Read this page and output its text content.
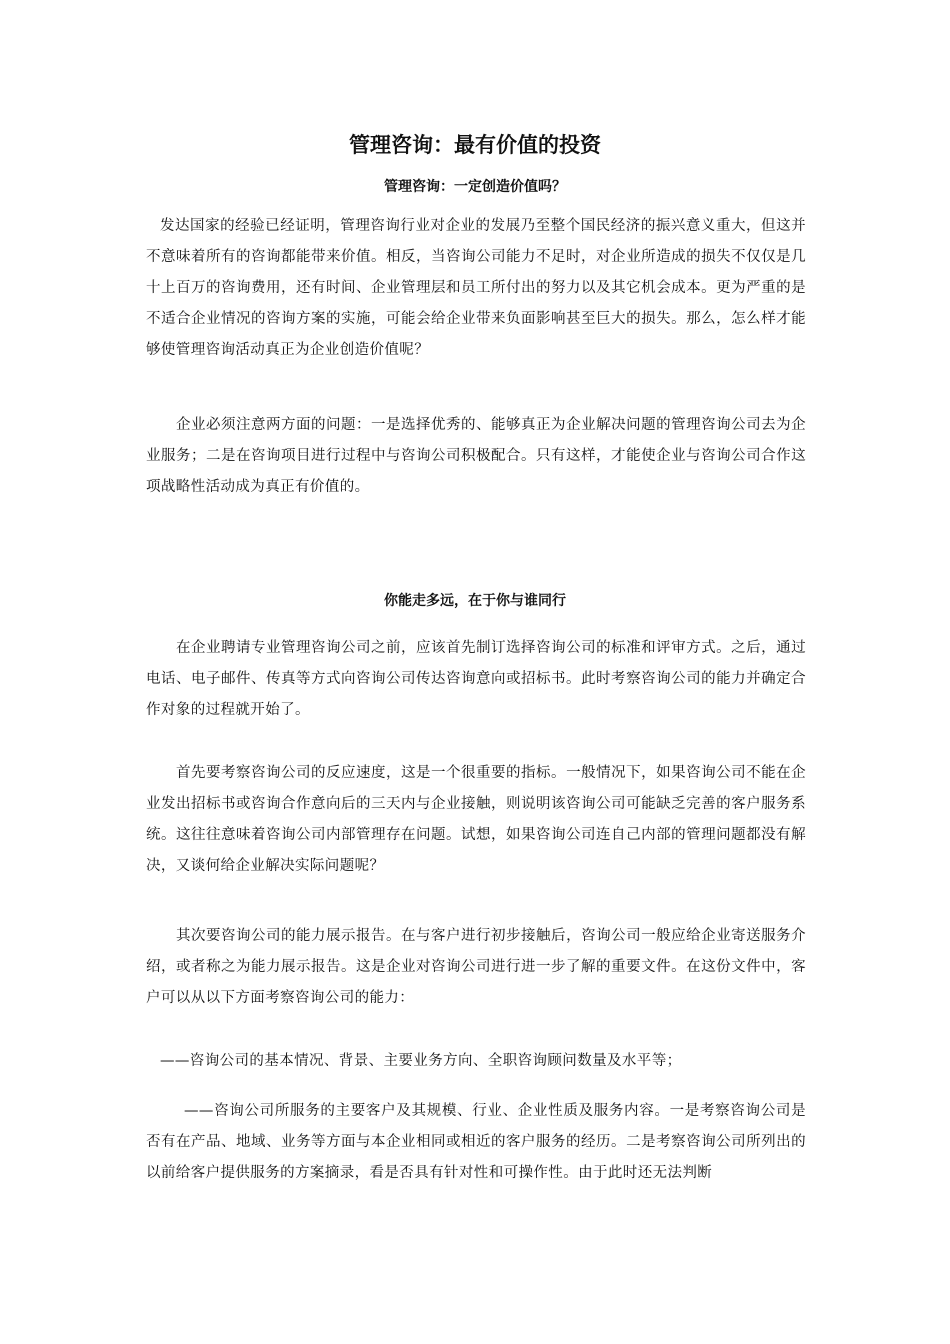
管理咨询：最有价值的投资
管理咨询：一定创造价值吗？

发达国家的经验已经证明，管理咨询行业对企业的发展乃至整个国民经济的振兴意义重大，但这并不意味着所有的咨询都能带来价值。相反，当咨询公司能力不足时，对企业所造成的损失不仅仅是几十上百万的咨询费用，还有时间、企业管理层和员工所付出的努力以及其它机会成本。更为严重的是不适合企业情况的咨询方案的实施，可能会给企业带来负面影响甚至巨大的损失。那么，怎么样才能够使管理咨询活动真正为企业创造价值呢？

企业必须注意两方面的问题：一是选择优秀的、能够真正为企业解决问题的管理咨询公司去为企业服务；二是在咨询项目进行过程中与咨询公司积极配合。只有这样，才能使企业与咨询公司合作这项战略性活动成为真正有价值的。

你能走多远，在于你与谁同行

在企业聘请专业管理咨询公司之前，应该首先制订选择咨询公司的标准和评审方式。之后，通过电话、电子邮件、传真等方式向咨询公司传达咨询意向或招标书。此时考察咨询公司的能力并确定合作对象的过程就开始了。

首先要考察咨询公司的反应速度，这是一个很重要的指标。一般情况下，如果咨询公司不能在企业发出招标书或咨询合作意向后的三天内与企业接触，则说明该咨询公司可能缺乏完善的客户服务系统。这往往意味着咨询公司内部管理存在问题。试想，如果咨询公司连自己内部的管理问题都没有解决，又谈何给企业解决实际问题呢？

其次要咨询公司的能力展示报告。在与客户进行初步接触后，咨询公司一般应给企业寄送服务介绍，或者称之为能力展示报告。这是企业对咨询公司进行进一步了解的重要文件。在这份文件中，客户可以从以下方面考察咨询公司的能力：

——咨询公司的基本情况、背景、主要业务方向、全职咨询顾问数量及水平等；

——咨询公司所服务的主要客户及其规模、行业、企业性质及服务内容。一是考察咨询公司是否有在产品、地域、业务等方面与本企业相同或相近的客户服务的经历。二是考察咨询公司所列出的以前给客户提供服务的方案摘录，看是否具有针对性和可操作性。由于此时还无法判断
